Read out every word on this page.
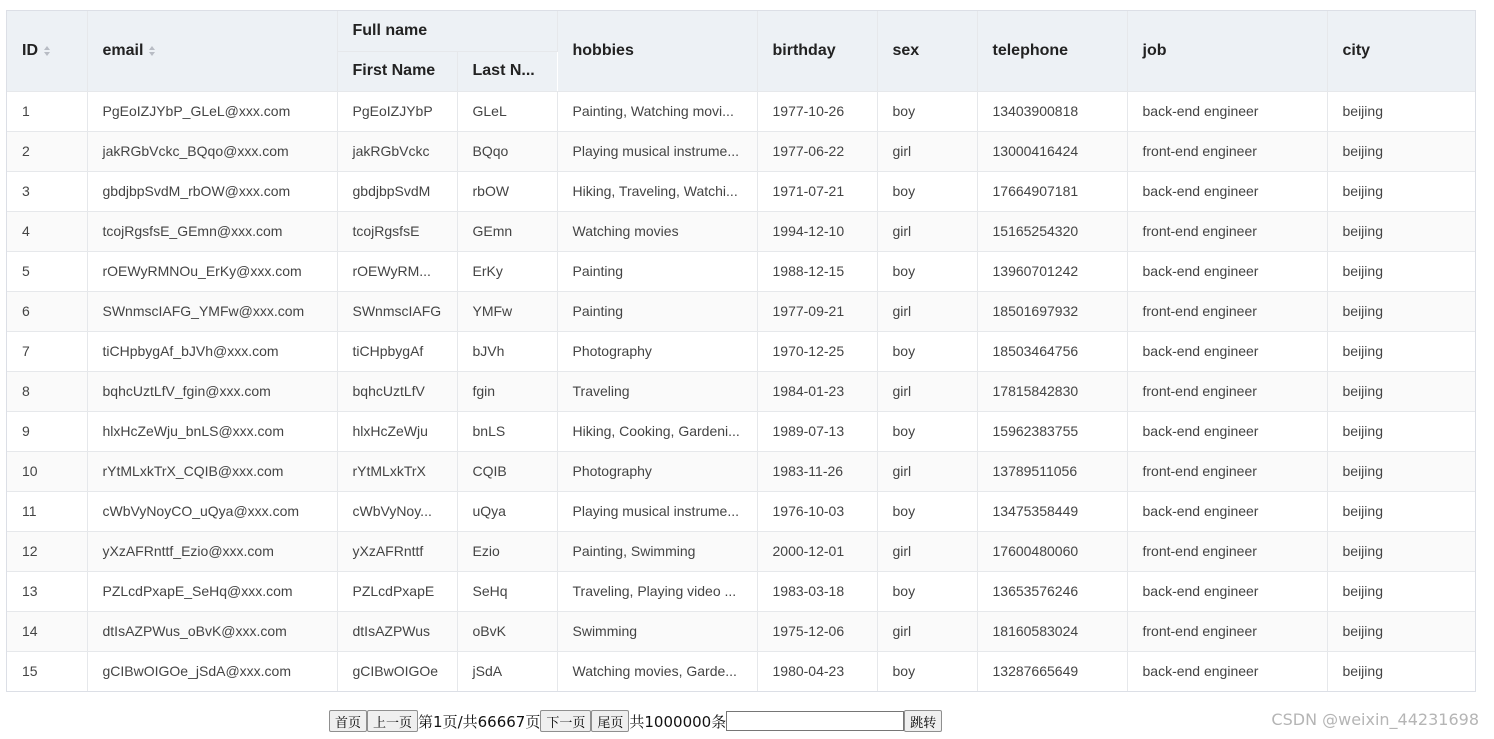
ID	email	Full name		hobbies	birthday	sex	telephone	job	city
		First Name	Last N...						
1	PgEoIZJYbP_GLeL@xxx.com	PgEoIZJYbP	GLeL	Painting, Watching movi...	1977-10-26	boy	13403900818	back-end engineer	beijing
2	jakRGbVckc_BQqo@xxx.com	jakRGbVckc	BQqo	Playing musical instrume...	1977-06-22	girl	13000416424	front-end engineer	beijing
3	gbdjbpSvdM_rbOW@xxx.com	gbdjbpSvdM	rbOW	Hiking, Traveling, Watchi...	1971-07-21	boy	17664907181	back-end engineer	beijing
4	tcojRgsfsE_GEmn@xxx.com	tcojRgsfsE	GEmn	Watching movies	1994-12-10	girl	15165254320	front-end engineer	beijing
5	rOEWyRMNOu_ErKy@xxx.com	rOEWyRM...	ErKy	Painting	1988-12-15	boy	13960701242	back-end engineer	beijing
6	SWnmscIAFG_YMFw@xxx.com	SWnmscIAFG	YMFw	Painting	1977-09-21	girl	18501697932	front-end engineer	beijing
7	tiCHpbygAf_bJVh@xxx.com	tiCHpbygAf	bJVh	Photography	1970-12-25	boy	18503464756	back-end engineer	beijing
8	bqhcUztLfV_fgin@xxx.com	bqhcUztLfV	fgin	Traveling	1984-01-23	girl	17815842830	front-end engineer	beijing
9	hlxHcZeWju_bnLS@xxx.com	hlxHcZeWju	bnLS	Hiking, Cooking, Gardeni...	1989-07-13	boy	15962383755	back-end engineer	beijing
10	rYtMLxkTrX_CQIB@xxx.com	rYtMLxkTrX	CQIB	Photography	1983-11-26	girl	13789511056	front-end engineer	beijing
11	cWbVyNoyCO_uQya@xxx.com	cWbVyNoy...	uQya	Playing musical instrume...	1976-10-03	boy	13475358449	back-end engineer	beijing
12	yXzAFRnttf_Ezio@xxx.com	yXzAFRnttf	Ezio	Painting, Swimming	2000-12-01	girl	17600480060	front-end engineer	beijing
13	PZLcdPxapE_SeHq@xxx.com	PZLcdPxapE	SeHq	Traveling, Playing video ...	1983-03-18	boy	13653576246	back-end engineer	beijing
14	dtIsAZPWus_oBvK@xxx.com	dtIsAZPWus	oBvK	Swimming	1975-12-06	girl	18160583024	front-end engineer	beijing
15	gCIBwOIGOe_jSdA@xxx.com	gCIBwOIGOe	jSdA	Watching movies, Garde...	1980-04-23	boy	13287665649	back-end engineer	beijing
首页 上一页 第1页/共66667页 下一页 尾页 共1000000条	跳转	CSDN @weixin_44231698
